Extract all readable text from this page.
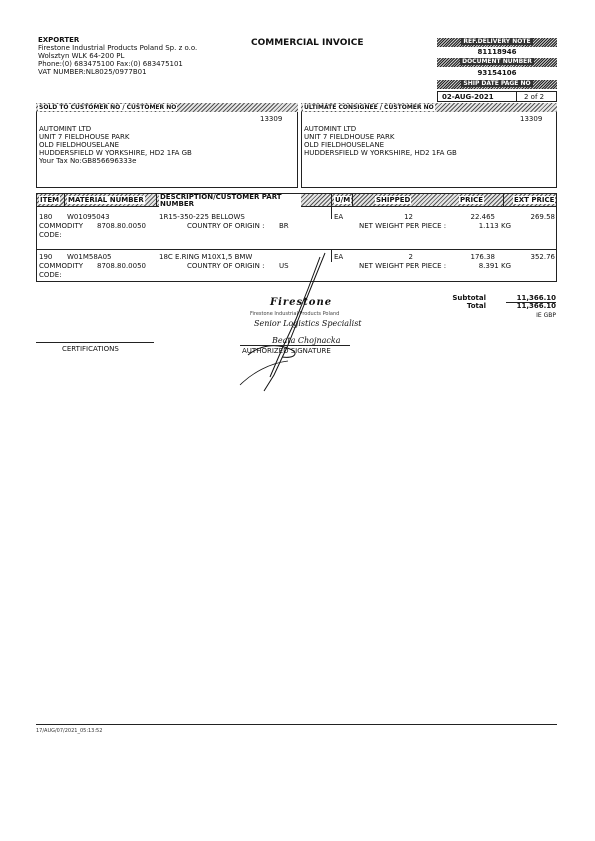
EXPORTER
Firestone Industrial Products Poland Sp. z o.o.
Wolsztyn WLK 64-200 PL
Phone:(0) 683475100 Fax:(0) 683475101
VAT NUMBER:NL8025/0977B01
COMMERCIAL INVOICE	REF.DELIVERY NOTE
81118946
DOCUMENT NUMBER
93154106
SHIP DATE PAGE NO
02-AUG-2021	2 of 2
SOLD TO CUSTOMER NO / CUSTOMER NO	ULTIMATE CONSIGNEE / CUSTOMER NO
13309
AUTOMINT LTD
UNIT 7 FIELDHOUSE PARK
OLD FIELDHOUSELANE
HUDDERSFIELD W YORKSHIRE, HD2 1FA GB
Your Tax No:GB856696333e
13309
AUTOMINT LTD
UNIT 7 FIELDHOUSE PARK
OLD FIELDHOUSELANE
HUDDERSFIELD W YORKSHIRE, HD2 1FA GB
ITEM MATERIAL NUMBER DESCRIPTION/CUSTOMER PART NUMBER	U/M	SHIPPED	PRICE	EXT PRICE
180 W01095043	1R15-350-225 BELLOWS	EA	12	22.465	269.58
COMMODITY 8708.80.0050	COUNTRY OF ORIGIN : BR	NET WEIGHT PER PIECE :	1.113 KG
CODE:
190 W01M58A05	18C E.RING M10X1,5 BMW	EA	2	176.38	352.76
COMMODITY 8708.80.0050	COUNTRY OF ORIGIN : US	NET WEIGHT PER PIECE :	8.391 KG
CODE:
Subtotal	11,366.10
Total	11,366.10
IE GBP
Firestone
Firestone Industrial Products Poland
Senior Logistics Specialist
Beata Chojnacka
CERTIFICATIONS	AUTHORIZED SIGNATURE
17/AUG/07/2021_05:13:52
